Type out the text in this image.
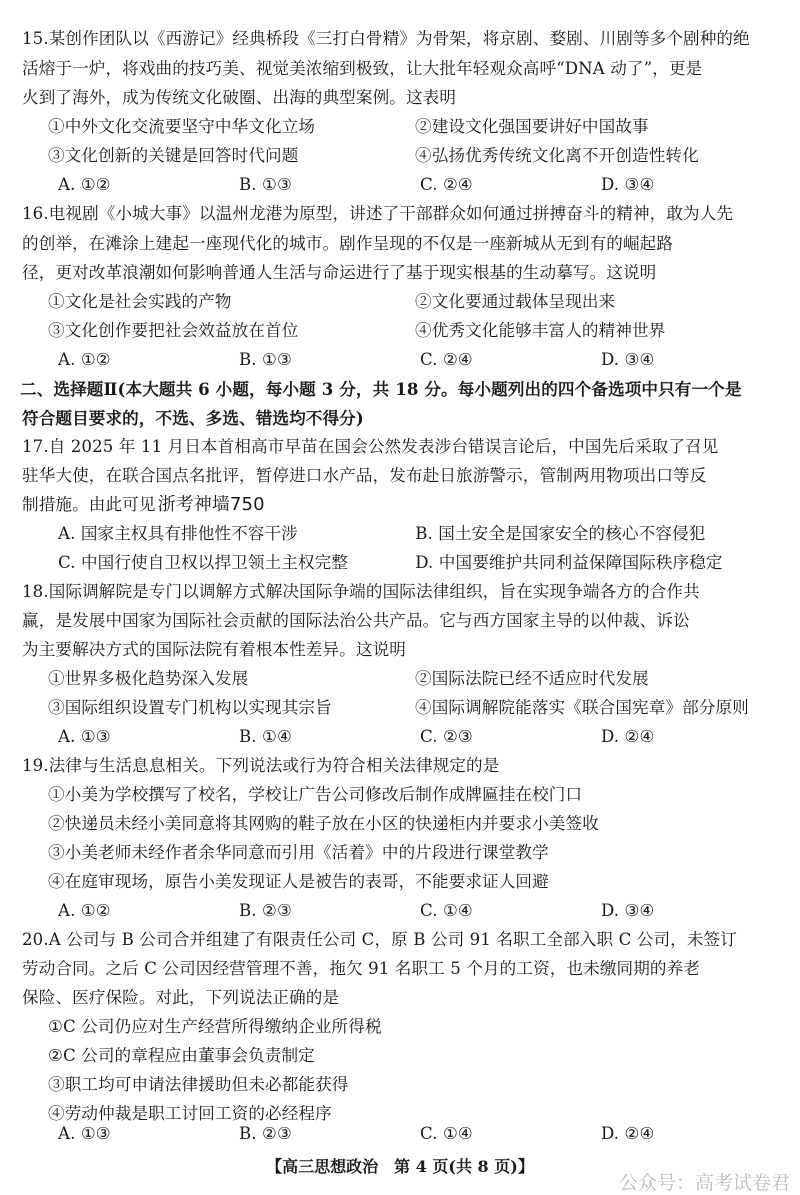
15.某创作团队以《西游记》经典桥段《三打白骨精》为骨架，将京剧、婺剧、川剧等多个剧种的绝
活熔于一炉，将戏曲的技巧美、视觉美浓缩到极致，让大批年轻观众高呼“DNA 动了”，更是
火到了海外，成为传统文化破圈、出海的典型案例。这表明
①中外文化交流要坚守中华文化立场	②建设文化强国要讲好中国故事
③文化创新的关键是回答时代问题	④弘扬优秀传统文化离不开创造性转化
A. ①②	B. ①③	C. ②④	D. ③④
16.电视剧《小城大事》以温州龙港为原型，讲述了干部群众如何通过拼搏奋斗的精神，敢为人先
的创举，在滩涂上建起一座现代化的城市。剧作呈现的不仅是一座新城从无到有的崛起路
径，更对改革浪潮如何影响普通人生活与命运进行了基于现实根基的生动摹写。这说明
①文化是社会实践的产物	②文化要通过载体呈现出来
③文化创作要把社会效益放在首位	④优秀文化能够丰富人的精神世界
A. ①②	B. ①③	C. ②④	D. ③④
二、选择题Ⅱ(本大题共 6 小题，每小题 3 分，共 18 分。每小题列出的四个备选项中只有一个是
符合题目要求的，不选、多选、错选均不得分)
17.自 2025 年 11 月日本首相高市早苗在国会公然发表涉台错误言论后，中国先后采取了召见
驻华大使，在联合国点名批评，暂停进口水产品，发布赴日旅游警示，管制两用物项出口等反
制措施。由此可见 浙考神墙750
A. 国家主权具有排他性不容干涉	B. 国土安全是国家安全的核心不容侵犯
C. 中国行使自卫权以捍卫领土主权完整	D. 中国要维护共同利益保障国际秩序稳定
18.国际调解院是专门以调解方式解决国际争端的国际法律组织，旨在实现争端各方的合作共
赢，是发展中国家为国际社会贡献的国际法治公共产品。它与西方国家主导的以仲裁、诉讼
为主要解决方式的国际法院有着根本性差异。这说明
①世界多极化趋势深入发展	②国际法院已经不适应时代发展
③国际组织设置专门机构以实现其宗旨	④国际调解院能落实《联合国宪章》部分原则
A. ①③	B. ①④	C. ②③	D. ②④
19.法律与生活息息相关。下列说法或行为符合相关法律规定的是
①小美为学校撰写了校名，学校让广告公司修改后制作成牌匾挂在校门口
②快递员未经小美同意将其网购的鞋子放在小区的快递柜内并要求小美签收
③小美老师未经作者余华同意而引用《活着》中的片段进行课堂教学
④在庭审现场，原告小美发现证人是被告的表哥，不能要求证人回避
A. ①②	B. ②③	C. ①④	D. ③④
20.A 公司与 B 公司合并组建了有限责任公司 C，原 B 公司 91 名职工全部入职 C 公司，未签订
劳动合同。之后 C 公司因经营管理不善，拖欠 91 名职工 5 个月的工资，也未缴同期的养老
保险、医疗保险。对此，下列说法正确的是
①C 公司仍应对生产经营所得缴纳企业所得税
②C 公司的章程应由董事会负责制定
③职工均可申请法律援助但未必都能获得
④劳动仲裁是职工讨回工资的必经程序
A. ①③	B. ②③	C. ①④	D. ②④
【高三思想政治　第 4 页(共 8 页)】
公众号：高考试卷君
